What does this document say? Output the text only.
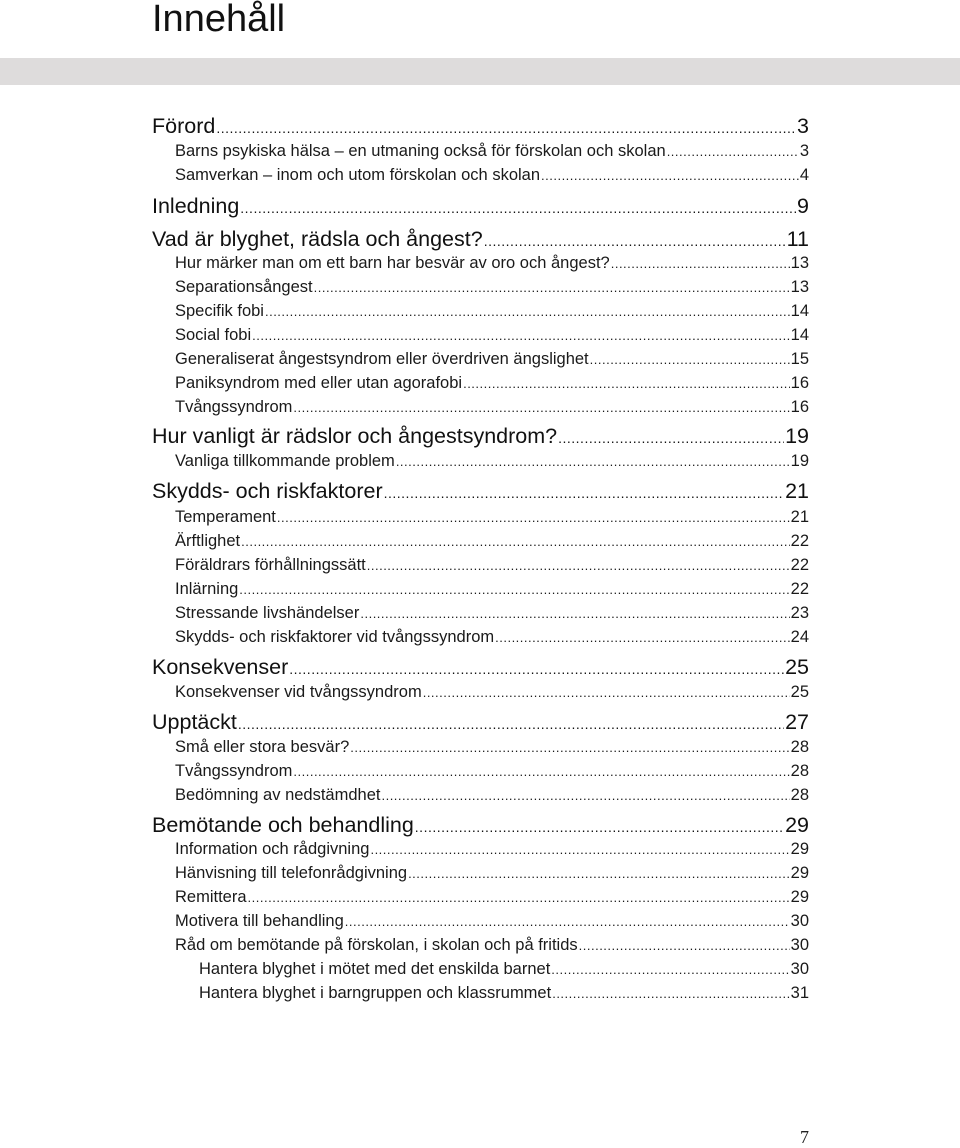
Innehåll
Förord .....	3
Barns psykiska hälsa – en utmaning också för förskolan och skolan .....	3
Samverkan – inom och utom förskolan och skolan .....	4
Inledning .....	9
Vad är blyghet, rädsla och ångest? .....	11
Hur märker man om ett barn har besvär av oro och ångest? .....	13
Separationsångest .....	13
Specifik fobi .....	14
Social fobi .....	14
Generaliserat ångestsyndrom eller överdriven ängslighet .....	15
Paniksyndrom med eller utan agorafobi .....	16
Tvångssyndrom .....	16
Hur vanligt är rädslor och ångestsyndrom? .....	19
Vanliga tillkommande problem .....	19
Skydds- och riskfaktorer .....	21
Temperament .....	21
Ärftlighet .....	22
Föräldrars förhållningssätt .....	22
Inlärning .....	22
Stressande livshändelser .....	23
Skydds- och riskfaktorer vid tvångssyndrom .....	24
Konsekvenser .....	25
Konsekvenser vid tvångssyndrom .....	25
Upptäckt .....	27
Små eller stora besvär? .....	28
Tvångssyndrom .....	28
Bedömning av nedstämdhet .....	28
Bemötande och behandling .....	29
Information och rådgivning .....	29
Hänvisning till telefonrådgivning .....	29
Remittera .....	29
Motivera till behandling .....	30
Råd om bemötande på förskolan, i skolan och på fritids .....	30
Hantera blyghet i mötet med det enskilda barnet .....	30
Hantera blyghet i barngruppen och klassrummet .....	31
7
